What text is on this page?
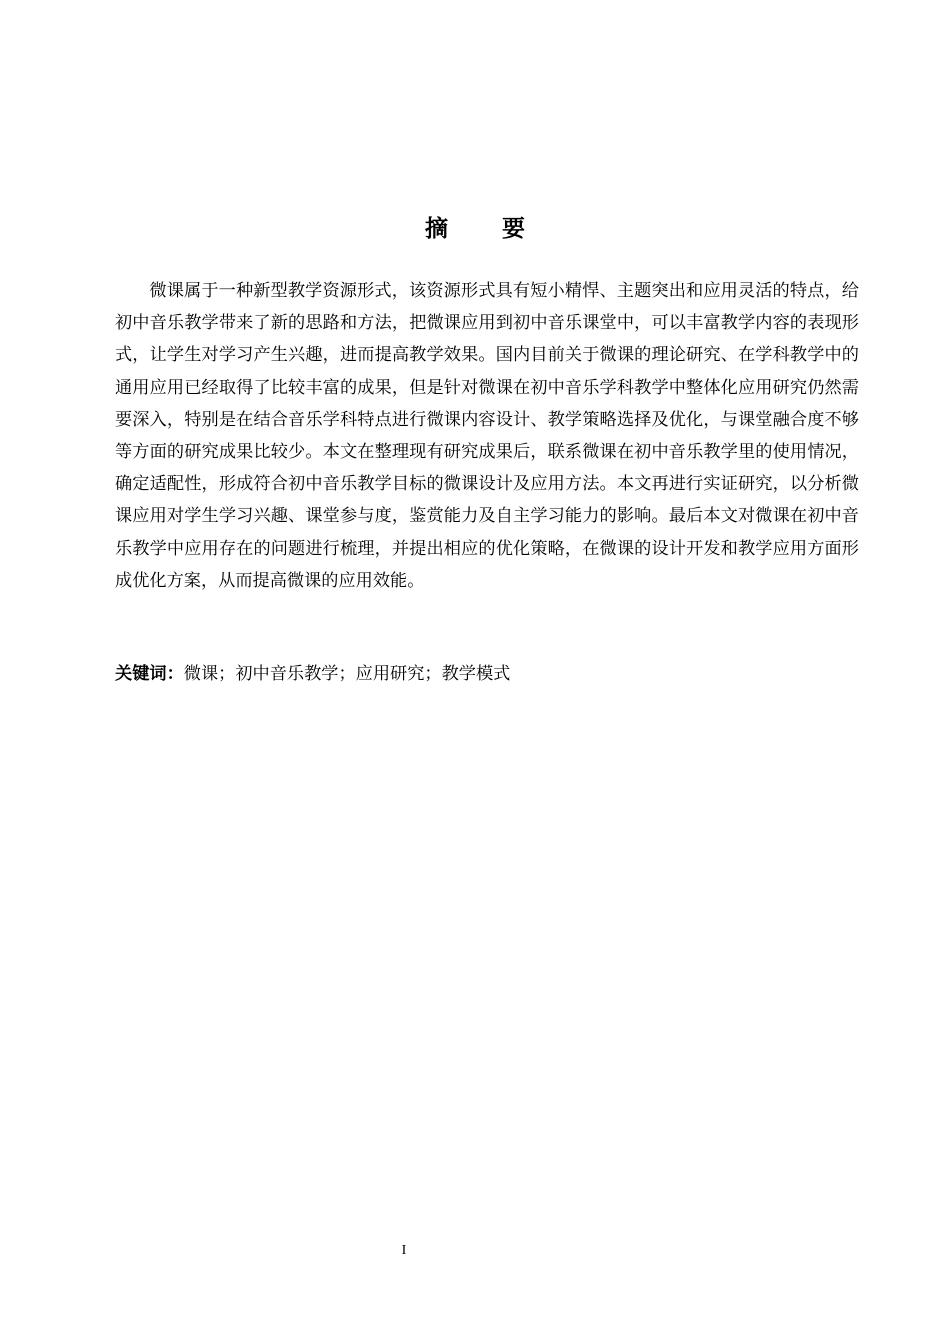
摘 要

微课属于一种新型教学资源形式，该资源形式具有短小精悍、主题突出和应用灵活的特点，给初中音乐教学带来了新的思路和方法，把微课应用到初中音乐课堂中，可以丰富教学内容的表现形式，让学生对学习产生兴趣，进而提高教学效果。国内目前关于微课的理论研究、在学科教学中的通用应用已经取得了比较丰富的成果，但是针对微课在初中音乐学科教学中整体化应用研究仍然需要深入，特别是在结合音乐学科特点进行微课内容设计、教学策略选择及优化，与课堂融合度不够等方面的研究成果比较少。本文在整理现有研究成果后，联系微课在初中音乐教学里的使用情况，确定适配性，形成符合初中音乐教学目标的微课设计及应用方法。本文再进行实证研究，以分析微课应用对学生学习兴趣、课堂参与度，鉴赏能力及自主学习能力的影响。最后本文对微课在初中音乐教学中应用存在的问题进行梳理，并提出相应的优化策略，在微课的设计开发和教学应用方面形成优化方案，从而提高微课的应用效能。

关键词：微课；初中音乐教学；应用研究；教学模式

I
